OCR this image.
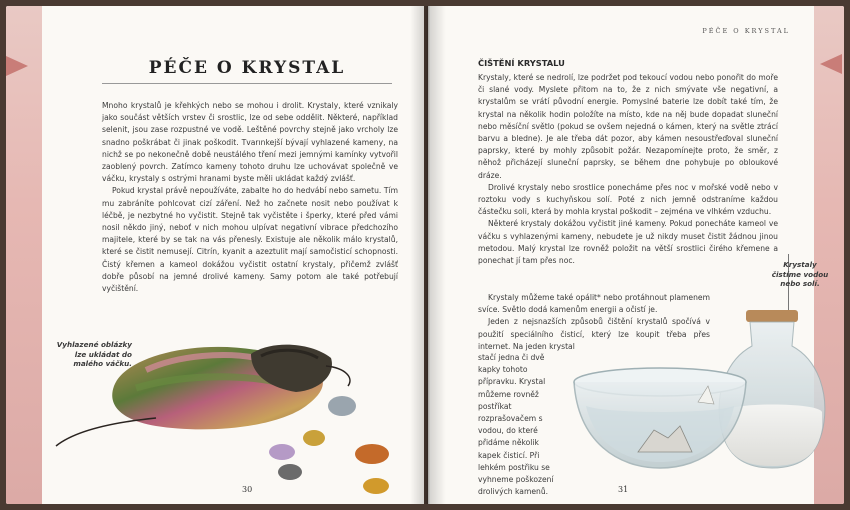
PÉČE O KRYSTAL

Mnoho krystalů je křehkých nebo se mohou i drolit. Krystaly, které vznikaly jako součást větších vrstev či srostlic, lze od sebe oddělit. Některé, například selenit, jsou zase rozpustné ve vodě. Leštěné povrchy stejně jako vrcholy lze snadno poškrábat či jinak poškodit. Tvarınkejší bývají vyhlazené kameny, na nichž se po nekonečně době neustálého tření mezi jemnými kamínky vytvořil zaoblený povrch. Zatímco kameny tohoto druhu lze uchovávat společně ve váčku, krystaly s ostrými hranami byste měli ukládat každý zvlášť.

Pokud krystal právě nepoužíváte, zabalte ho do hedvábí nebo sametu. Tím mu zabráníte pohlcovat cizí záření. Než ho začnete nosit nebo používat k léčbě, je nezbytné ho vyčistit. Stejně tak vyčistěte i šperky, které před vámi nosil někdo jiný, neboť v nich mohou ulpívat negativní vibrace předchozího majitele, které by se tak na vás přenesly. Existuje ale několik málo krystalů, které se čistit nemusejí. Citrín, kyanit a azeztulit mají samočisticí schopnosti. Čistý křemen a kameol dokážou vyčistit ostatní krystaly, přičemž zvlášť dobře působí na jemné drolivé kameny. Samy potom ale také potřebují vyčištění.

Vyhlazené oblázky lze ukládat do malého váčku.
30
PÉČE O KRYSTAL
ČIŠTĚNÍ KRYSTALU

Krystaly, které se nedrolí, lze podržet pod tekoucí vodou nebo ponořit do moře či slané vody. Myslete přitom na to, že z nich smývate vše negativní, a krystalům se vrátí původní energie. Pomyslné baterie lze dobít také tím, že krystal na několik hodin položíte na místo, kde na něj bude dopadat sluneční nebo měsíční světlo (pokud se ovšem nejedná o kámen, který na světle ztrácí barvu a bledne). Je ale třeba dát pozor, aby kámen nesoustřeďoval sluneční paprsky, které by mohly způsobit požár. Nezapomínejte proto, že směr, z něhož přicházejí sluneční paprsky, se během dne pohybuje po obloukové dráze.

Drolivé krystaly nebo srostlice ponecháme přes noc v mořské vodě nebo v roztoku vody s kuchyňskou solí. Poté z nich jemně odstraníme každou částečku soli, která by mohla krystal poškodit – zejména ve vlhkém vzduchu.

Některé krystaly dokážou vyčistit jiné kameny. Pokud ponecháte kameol ve váčku s vyhlazenými kameny, nebudete je už nikdy muset čistit žádnou jinou metodou. Malý krystal lze rovněž položit na větší srostlici čirého křemene a ponechat jí tam přes noc.

Krystaly můžeme také opálit* nebo protáhnout plamenem svíce. Světlo dodá kamenům energii a očistí je.

Jeden z nejsnazších způsobů čištění krystalů spočívá v použití speciálního čisticí, který lze koupit třeba přes internet. Na jeden krystal

stačí jedna či dvě kapky tohoto přípravku. Krystal můžeme rovněž postříkat rozprašovačem s vodou, do které přidáme několik kapek čisticí. Při lehkém postřiku se vyhneme poškození drolivých kamenů.
Krystaly čistíme vodou nebo solí.
31
